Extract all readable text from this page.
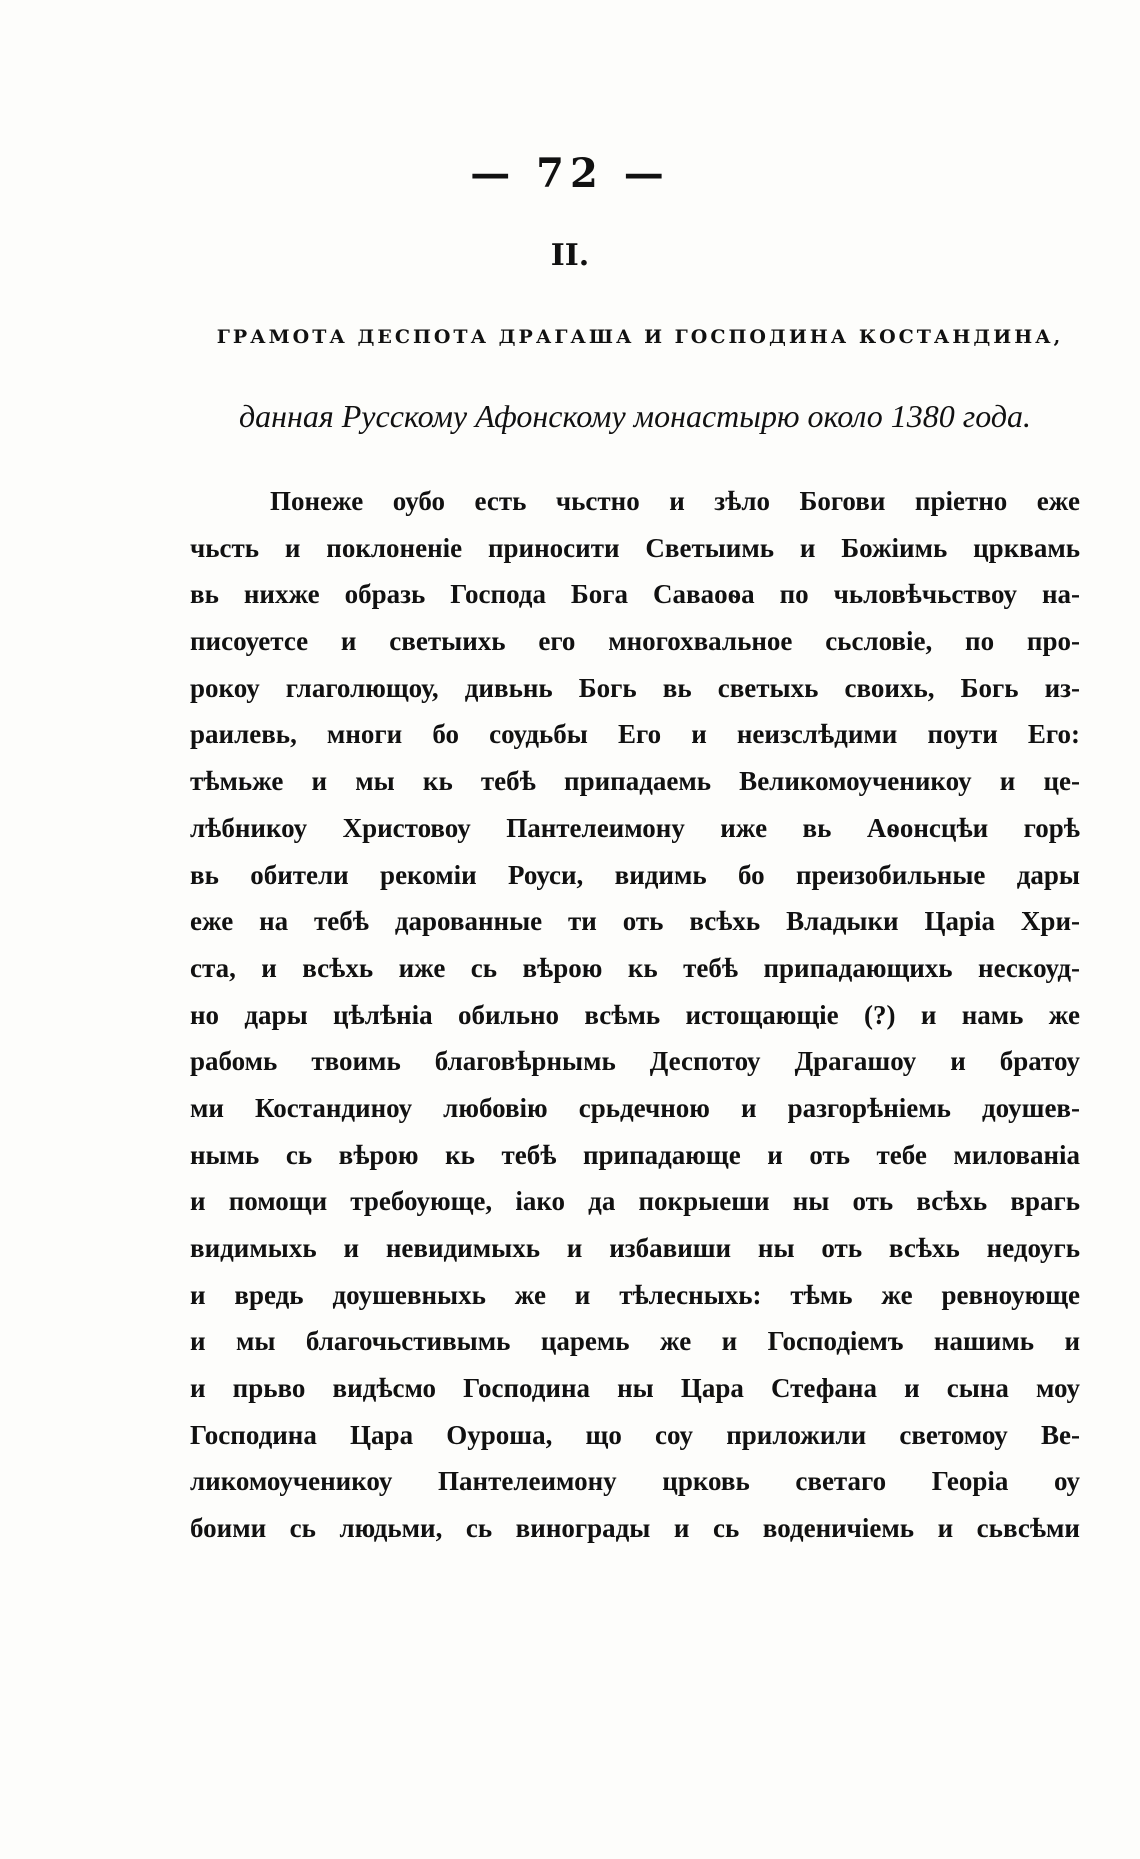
— 72 —
II.
ГРАМОТА ДЕСПОТА ДРАГАША И ГОСПОДИНА КОСТАНДИНА,
данная Русскому Афонскому монастырю около 1380 года.
Понеже оубо есть чьстно и зѣло Богови прiетно еже
чьсть и поклоненiе приносити Светыимь и Божiимь црквамь
вь нихже образь Господа Бога Саваоѳа по чьловѣчьствоу на-
писоуетсе и светыихь его многохвальное сьсловiе, по про-
рокоу глаголющоу, дивьнь Богь вь светыхь своихь, Богь из-
раилевь, многи бо соудьбы Его и неизслѣдими поути Его:
тѣмьже и мы кь тебѣ припадаемь Великомоученикоу и це-
лѣбникоу Христовоу Пантелеимону иже вь Аѳонсцѣи горѣ
вь обители рекомiи Роуси, видимь бо преизобильные дары
еже на тебѣ дарованные ти оть всѣхь Владыки Царiа Хри-
ста, и всѣхь иже сь вѣрою кь тебѣ припадающихь нескоуд-
но дары цѣлѣнiа обильно всѣмь истощающiе (?) и намь же
рабомь твоимь благовѣрнымь Деспотоу Драгашоу и братоу
ми Костандиноу любовiю срьдечною и разгорѣнiемь доушев-
нымь сь вѣрою кь тебѣ припадающе и оть тебе милованiа
и помощи требоующе, iако да покрыеши ны оть всѣхь врагь
видимыхь и невидимыхь и избавиши ны оть всѣхь недоугь
и вредь доушевныхь же и тѣлесныхь: тѣмь же ревноующе
и мы благочьстивымь царемь же и Господiемъ нашимь и
и прьво видѣсмо Господина ны Цара Стефана и сына моу
Господина Цара Оуроша, що соу приложили светомоу Ве-
ликомоученикоу Пантелеимону црковь светаго Георiа оу
боими сь людьми, сь винограды и сь воденичiемь и сьвсѣми
